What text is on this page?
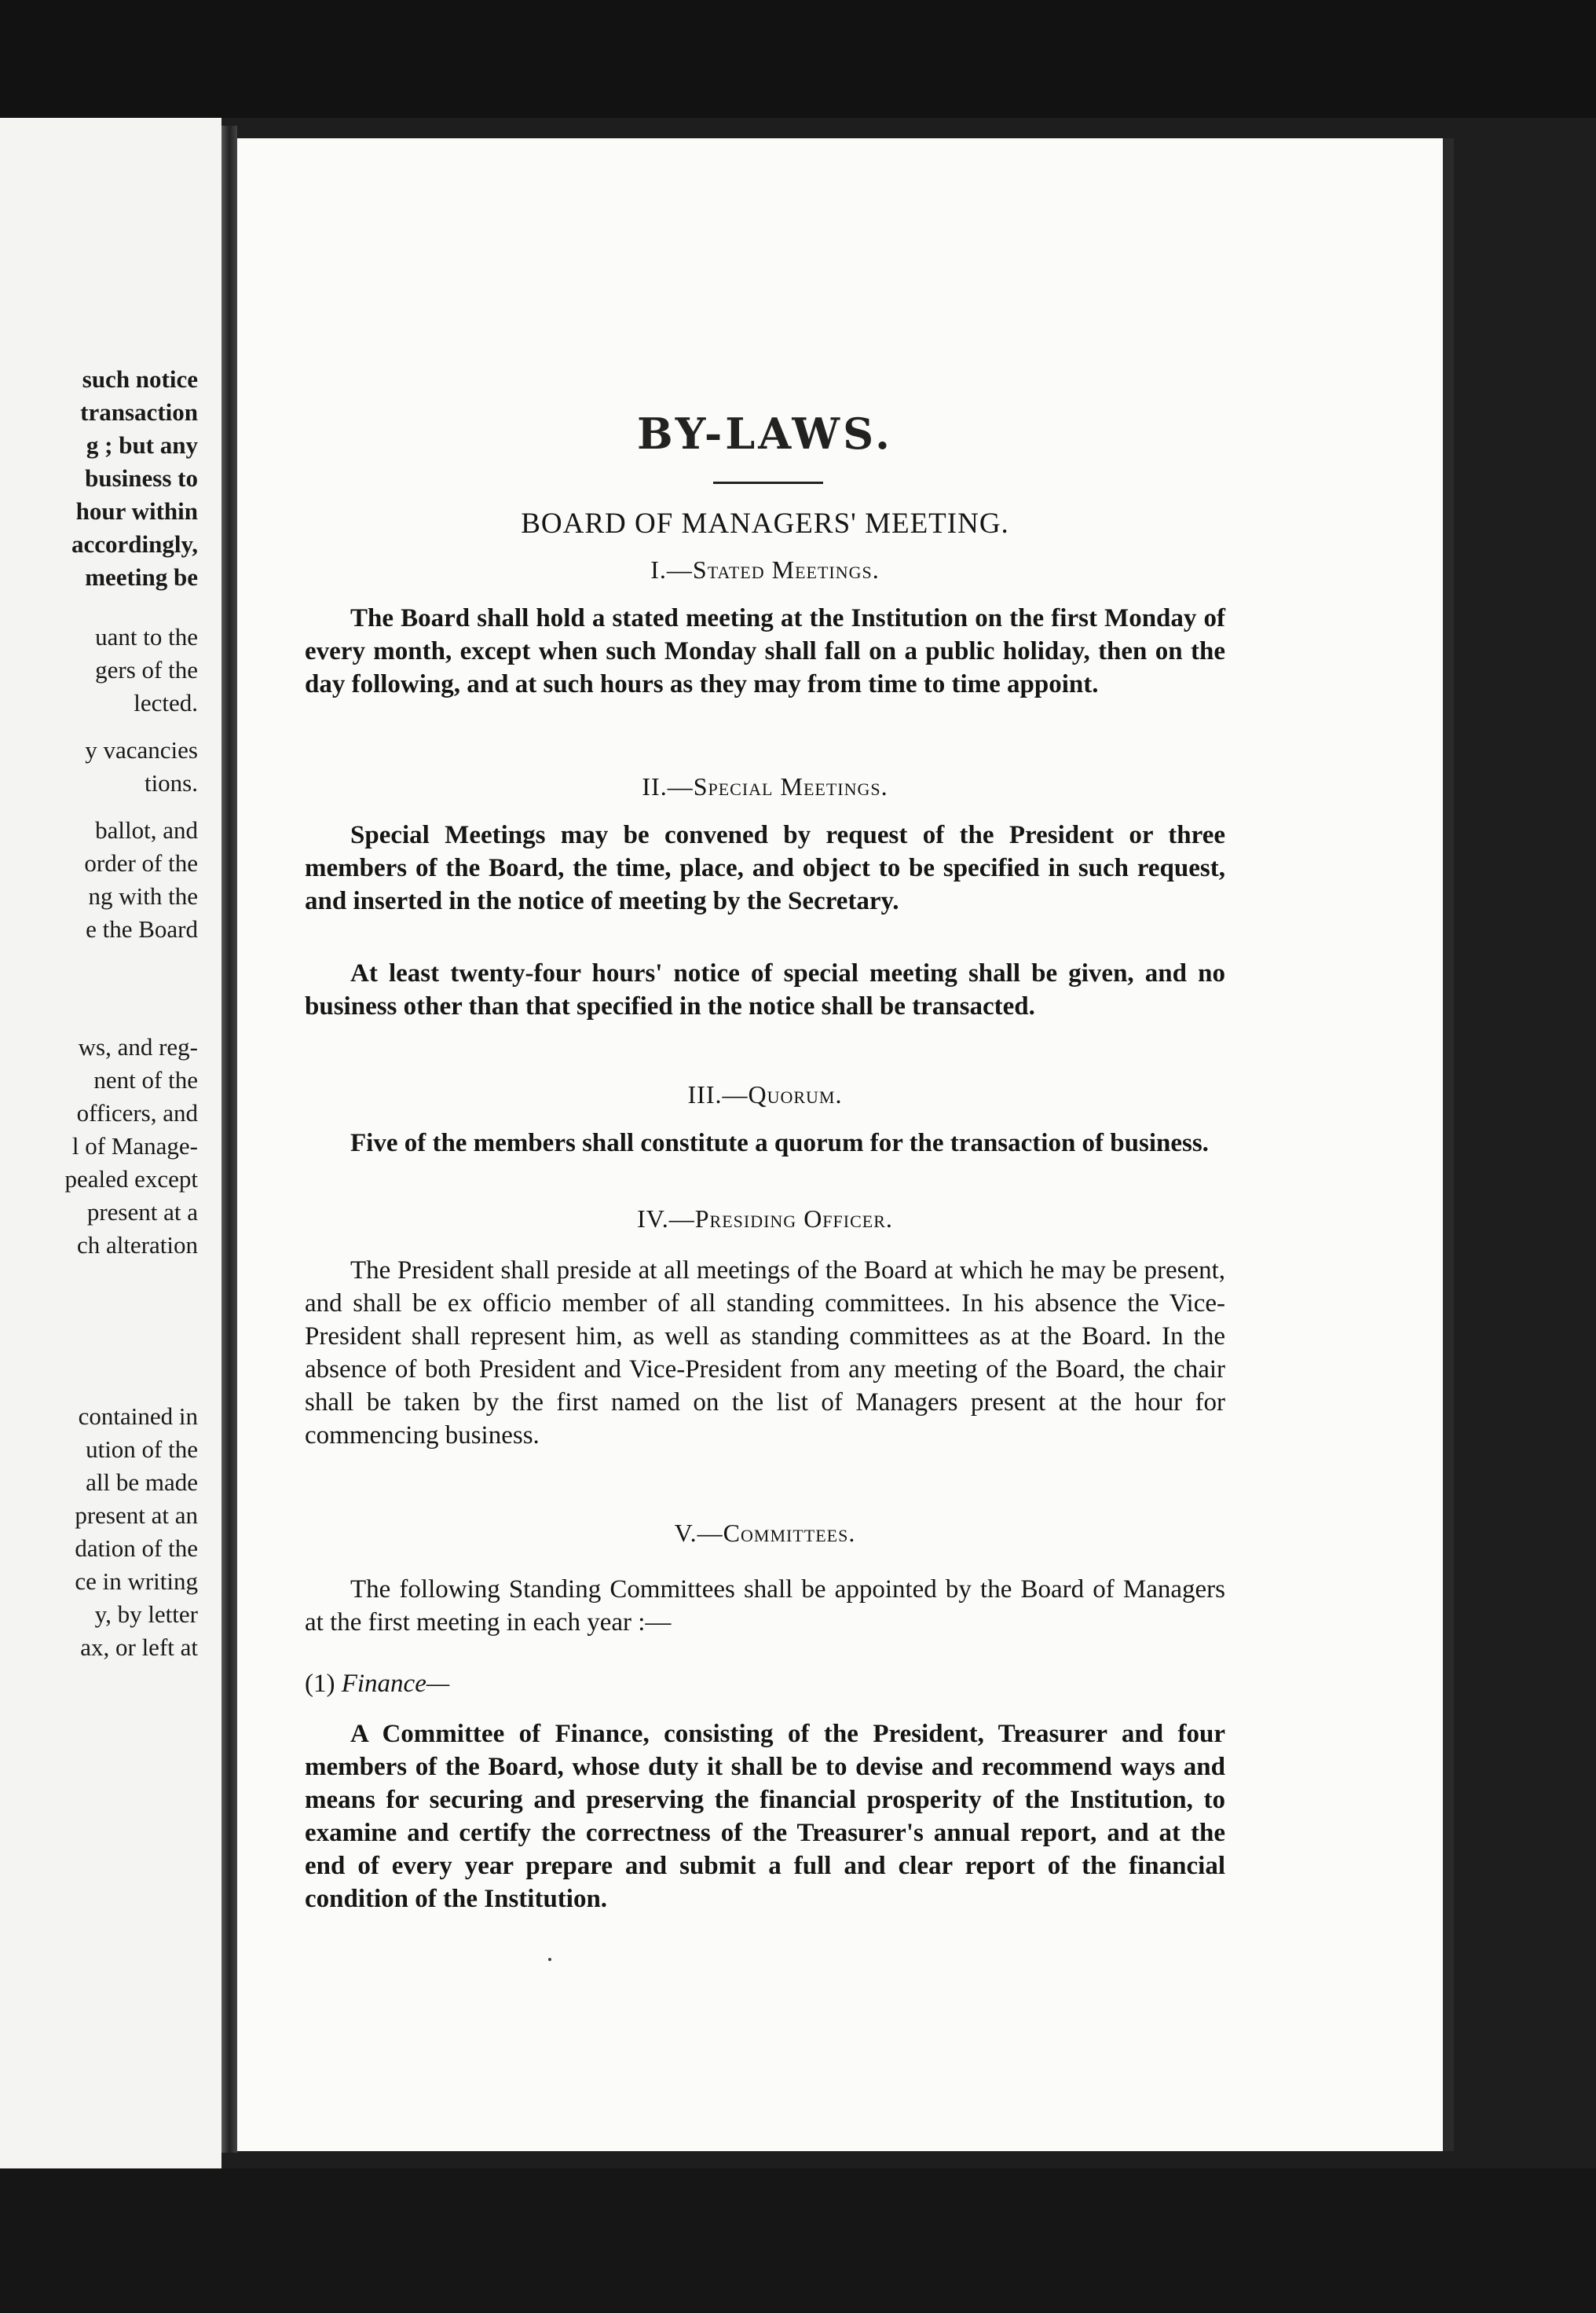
such notice
transaction
g ; but any
business to
hour within
accordingly,
meeting be
uant to the
gers of the
lected.
y vacancies
tions.
ballot, and
order of the
ng with the
e the Board
ws, and reg-
nent of the
officers, and
l of Manage-
pealed except
present at a
ch alteration
contained in
ution of the
all be made
present at an
dation of the
ce in writing
y, by letter
ax, or left at
BY-LAWS.
BOARD OF MANAGERS' MEETING.
I.—Stated Meetings.
The Board shall hold a stated meeting at the Institution on the first Monday of every month, except when such Monday shall fall on a public holiday, then on the day following, and at such hours as they may from time to time appoint.
II.—Special Meetings.
Special Meetings may be convened by request of the President or three members of the Board, the time, place, and object to be specified in such request, and inserted in the notice of meeting by the Secretary.
At least twenty-four hours' notice of special meeting shall be given, and no business other than that specified in the notice shall be transacted.
III.—Quorum.
Five of the members shall constitute a quorum for the transaction of business.
IV.—Presiding Officer.
The President shall preside at all meetings of the Board at which he may be present, and shall be ex officio member of all standing committees. In his absence the Vice-President shall represent him, as well as standing committees as at the Board. In the absence of both President and Vice-President from any meeting of the Board, the chair shall be taken by the first named on the list of Managers present at the hour for commencing business.
V.—Committees.
The following Standing Committees shall be appointed by the Board of Managers at the first meeting in each year :—
(1) Finance—
A Committee of Finance, consisting of the President, Treasurer and four members of the Board, whose duty it shall be to devise and recommend ways and means for securing and preserving the financial prosperity of the Institution, to examine and certify the correctness of the Treasurer's annual report, and at the end of every year prepare and submit a full and clear report of the financial condition of the Institution.
